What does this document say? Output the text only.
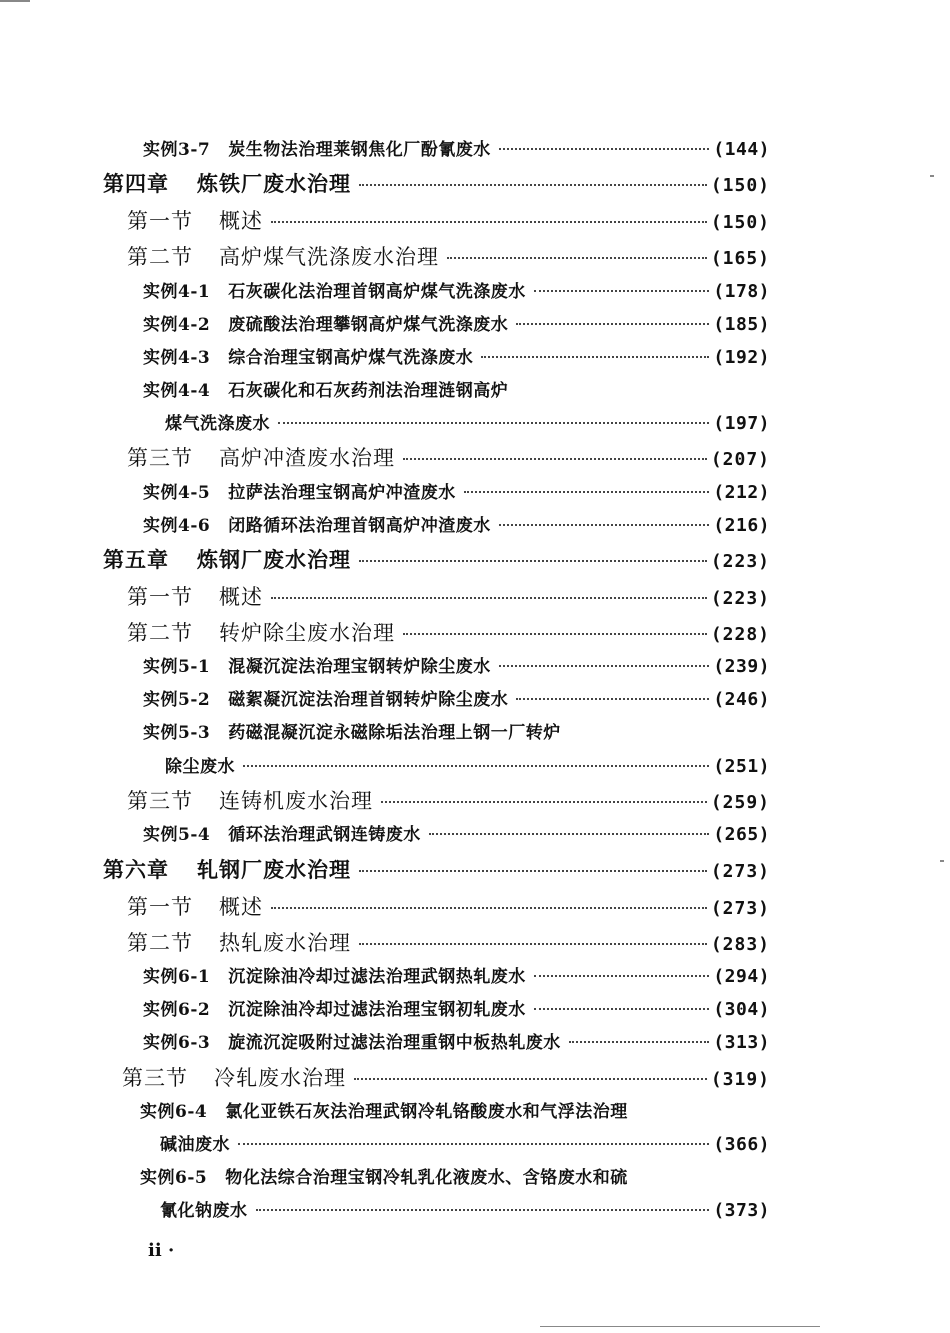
实例3-7 炭生物法治理莱钢焦化厂酚氰废水	(144)
第四章 炼铁厂废水治理	(150)
第一节 概述	(150)
第二节 高炉煤气洗涤废水治理	(165)
实例4-1 石灰碳化法治理首钢高炉煤气洗涤废水	(178)
实例4-2 废硫酸法治理攀钢高炉煤气洗涤废水	(185)
实例4-3 综合治理宝钢高炉煤气洗涤废水	(192)
实例4-4 石灰碳化和石灰药剂法治理涟钢高炉
煤气洗涤废水	(197)
第三节 高炉冲渣废水治理	(207)
实例4-5 拉萨法治理宝钢高炉冲渣废水	(212)
实例4-6 闭路循环法治理首钢高炉冲渣废水	(216)
第五章 炼钢厂废水治理	(223)
第一节 概述	(223)
第二节 转炉除尘废水治理	(228)
实例5-1 混凝沉淀法治理宝钢转炉除尘废水	(239)
实例5-2 磁絮凝沉淀法治理首钢转炉除尘废水	(246)
实例5-3 药磁混凝沉淀永磁除垢法治理上钢一厂转炉
除尘废水	(251)
第三节 连铸机废水治理	(259)
实例5-4 循环法治理武钢连铸废水	(265)
第六章 轧钢厂废水治理	(273)
第一节 概述	(273)
第二节 热轧废水治理	(283)
实例6-1 沉淀除油冷却过滤法治理武钢热轧废水	(294)
实例6-2 沉淀除油冷却过滤法治理宝钢初轧废水	(304)
实例6-3 旋流沉淀吸附过滤法治理重钢中板热轧废水	(313)
第三节 冷轧废水治理	(319)
实例6-4 氯化亚铁石灰法治理武钢冷轧铬酸废水和气浮法治理
碱油废水	(366)
实例6-5 物化法综合治理宝钢冷轧乳化液废水、含铬废水和硫
氰化钠废水	(373)
ii ·
